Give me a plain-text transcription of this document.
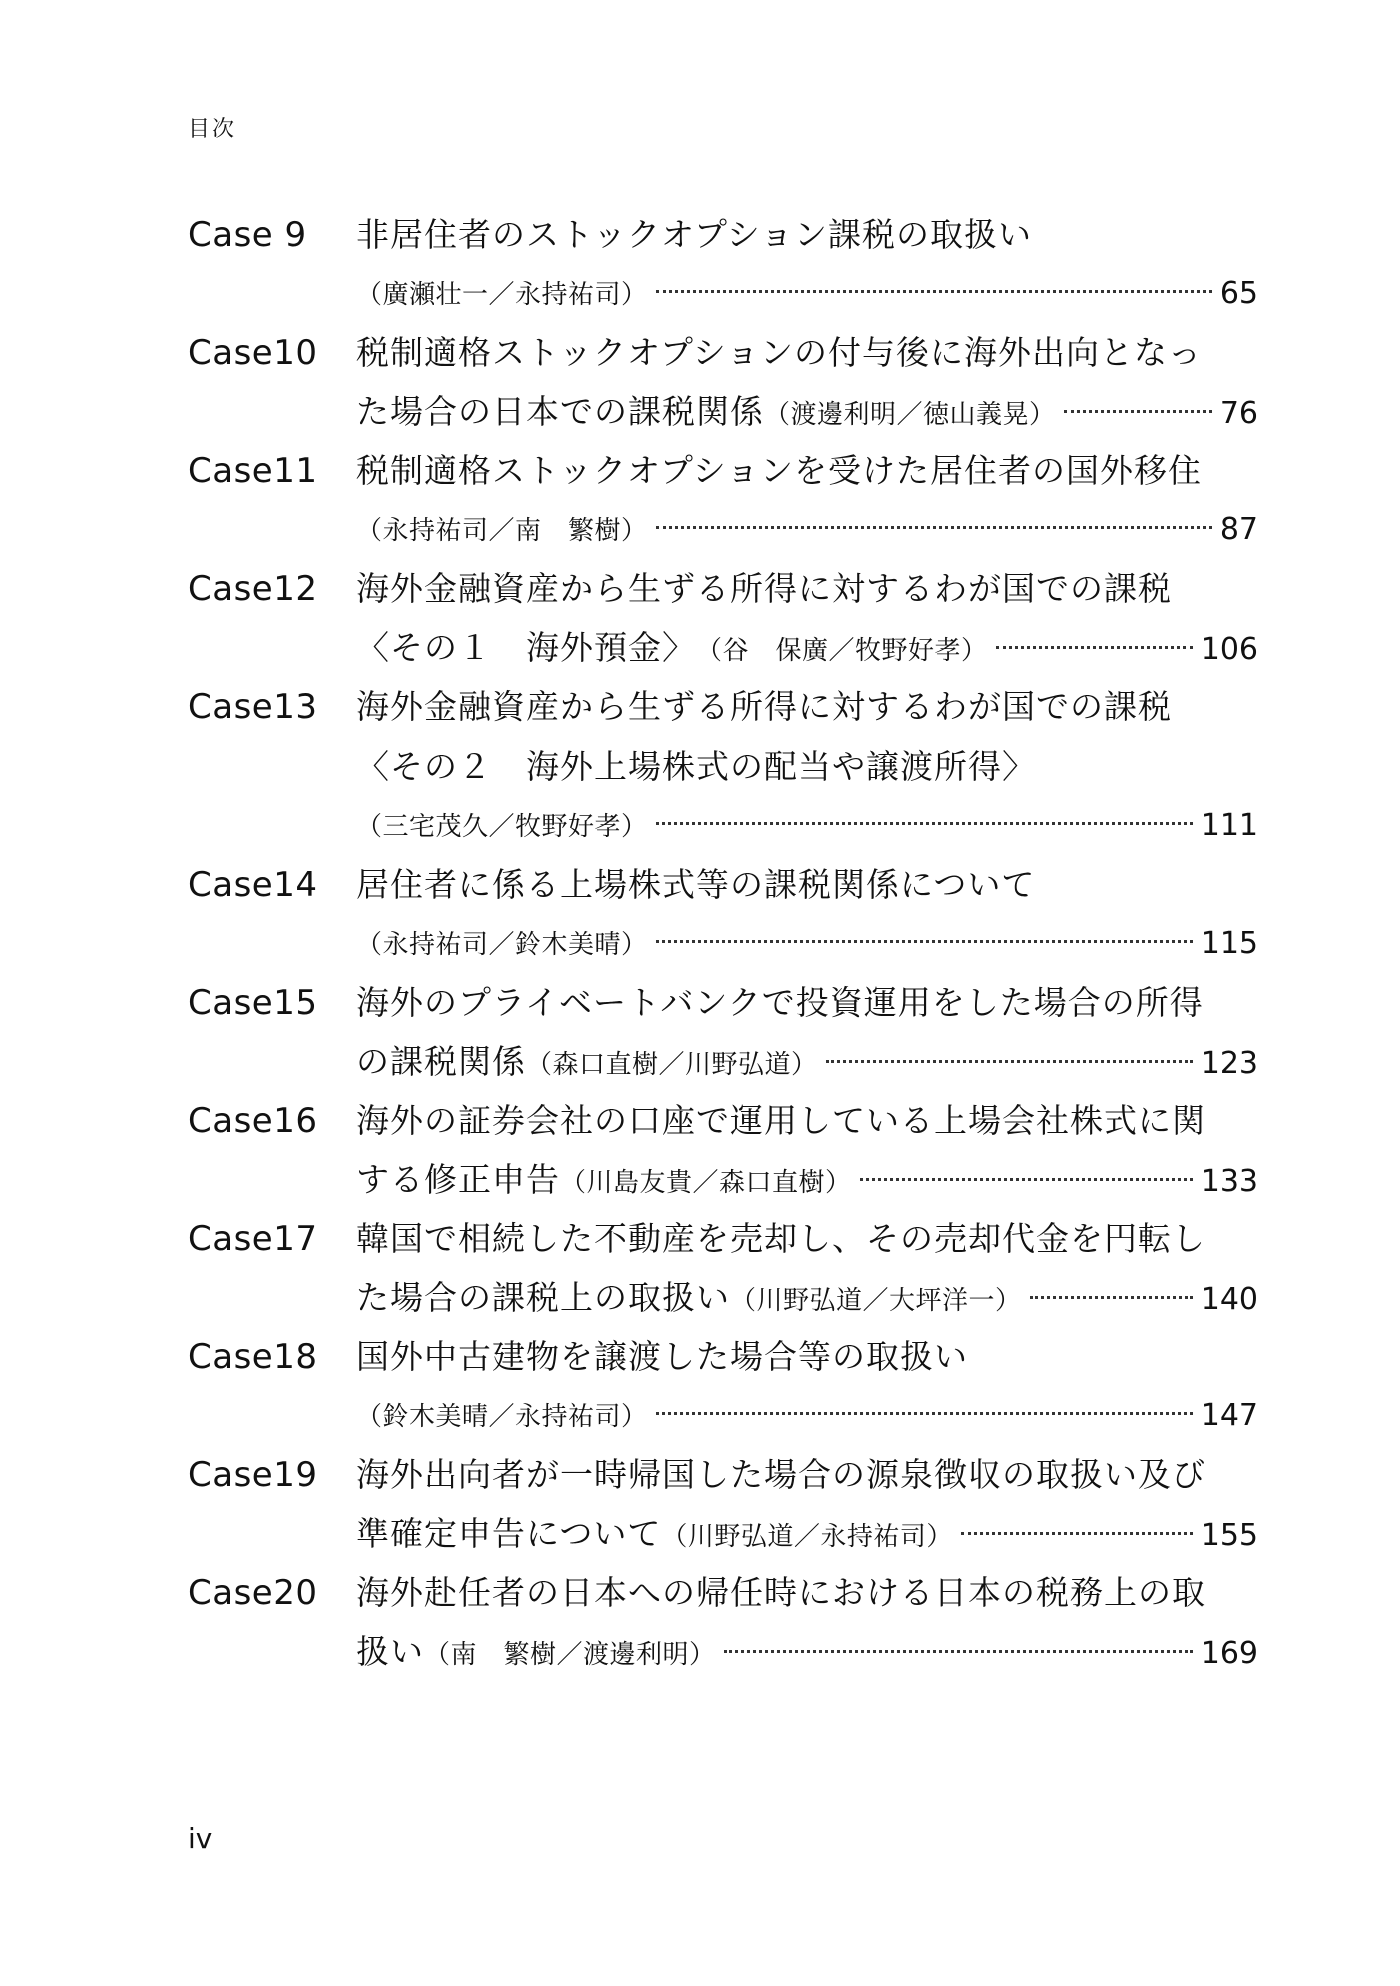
目次
Case 9	非居住者のストックオプション課税の取扱い
（廣瀬壮一／永持祐司）	65
Case10	税制適格ストックオプションの付与後に海外出向となっ
た場合の日本での課税関係 （渡邊利明／徳山義晃）	76
Case11	税制適格ストックオプションを受けた居住者の国外移住
（永持祐司／南　繁樹）	87
Case12	海外金融資産から生ずる所得に対するわが国での課税
〈その１　海外預金〉 （谷　保廣／牧野好孝）	106
Case13	海外金融資産から生ずる所得に対するわが国での課税
〈その２　海外上場株式の配当や譲渡所得〉
（三宅茂久／牧野好孝）	111
Case14	居住者に係る上場株式等の課税関係について
（永持祐司／鈴木美晴）	115
Case15	海外のプライベートバンクで投資運用をした場合の所得
の課税関係 （森口直樹／川野弘道）	123
Case16	海外の証券会社の口座で運用している上場会社株式に関
する修正申告 （川島友貴／森口直樹）	133
Case17	韓国で相続した不動産を売却し、その売却代金を円転し
た場合の課税上の取扱い （川野弘道／大坪洋一）	140
Case18	国外中古建物を譲渡した場合等の取扱い
（鈴木美晴／永持祐司）	147
Case19	海外出向者が一時帰国した場合の源泉徴収の取扱い及び
準確定申告について （川野弘道／永持祐司）	155
Case20	海外赴任者の日本への帰任時における日本の税務上の取
扱い （南　繁樹／渡邊利明）	169
iv
